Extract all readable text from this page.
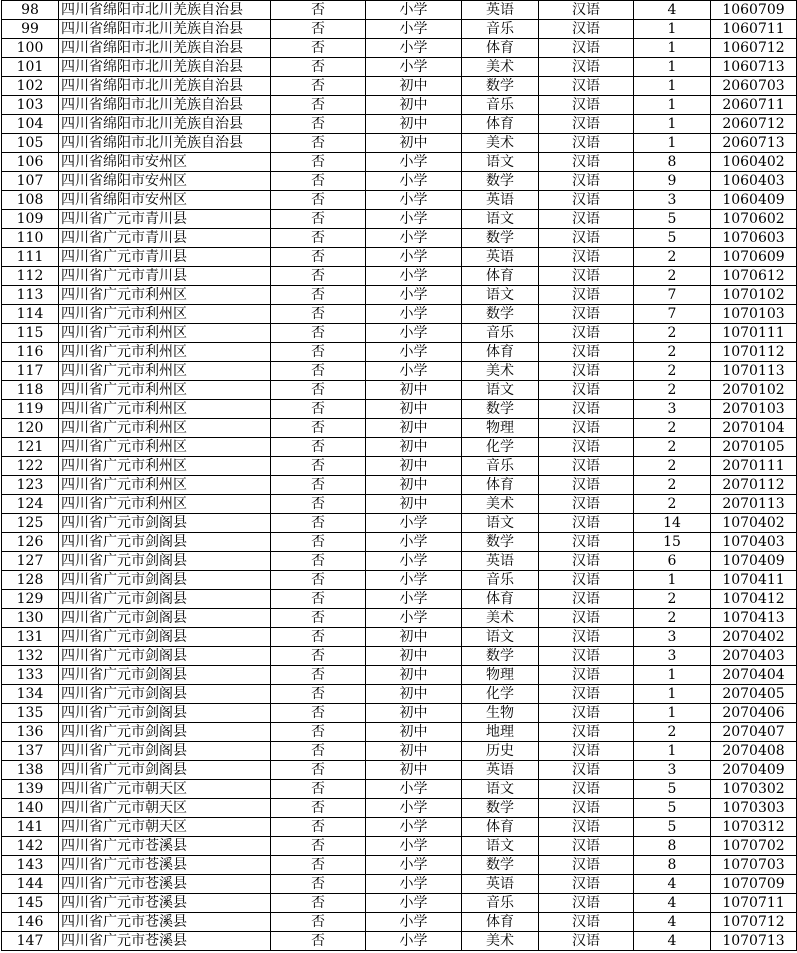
98	四川省绵阳市北川羌族自治县	否	小学	英语	汉语	4	1060709
99	四川省绵阳市北川羌族自治县	否	小学	音乐	汉语	1	1060711
100	四川省绵阳市北川羌族自治县	否	小学	体育	汉语	1	1060712
101	四川省绵阳市北川羌族自治县	否	小学	美术	汉语	1	1060713
102	四川省绵阳市北川羌族自治县	否	初中	数学	汉语	1	2060703
103	四川省绵阳市北川羌族自治县	否	初中	音乐	汉语	1	2060711
104	四川省绵阳市北川羌族自治县	否	初中	体育	汉语	1	2060712
105	四川省绵阳市北川羌族自治县	否	初中	美术	汉语	1	2060713
106	四川省绵阳市安州区	否	小学	语文	汉语	8	1060402
107	四川省绵阳市安州区	否	小学	数学	汉语	9	1060403
108	四川省绵阳市安州区	否	小学	英语	汉语	3	1060409
109	四川省广元市青川县	否	小学	语文	汉语	5	1070602
110	四川省广元市青川县	否	小学	数学	汉语	5	1070603
111	四川省广元市青川县	否	小学	英语	汉语	2	1070609
112	四川省广元市青川县	否	小学	体育	汉语	2	1070612
113	四川省广元市利州区	否	小学	语文	汉语	7	1070102
114	四川省广元市利州区	否	小学	数学	汉语	7	1070103
115	四川省广元市利州区	否	小学	音乐	汉语	2	1070111
116	四川省广元市利州区	否	小学	体育	汉语	2	1070112
117	四川省广元市利州区	否	小学	美术	汉语	2	1070113
118	四川省广元市利州区	否	初中	语文	汉语	2	2070102
119	四川省广元市利州区	否	初中	数学	汉语	3	2070103
120	四川省广元市利州区	否	初中	物理	汉语	2	2070104
121	四川省广元市利州区	否	初中	化学	汉语	2	2070105
122	四川省广元市利州区	否	初中	音乐	汉语	2	2070111
123	四川省广元市利州区	否	初中	体育	汉语	2	2070112
124	四川省广元市利州区	否	初中	美术	汉语	2	2070113
125	四川省广元市剑阁县	否	小学	语文	汉语	14	1070402
126	四川省广元市剑阁县	否	小学	数学	汉语	15	1070403
127	四川省广元市剑阁县	否	小学	英语	汉语	6	1070409
128	四川省广元市剑阁县	否	小学	音乐	汉语	1	1070411
129	四川省广元市剑阁县	否	小学	体育	汉语	2	1070412
130	四川省广元市剑阁县	否	小学	美术	汉语	2	1070413
131	四川省广元市剑阁县	否	初中	语文	汉语	3	2070402
132	四川省广元市剑阁县	否	初中	数学	汉语	3	2070403
133	四川省广元市剑阁县	否	初中	物理	汉语	1	2070404
134	四川省广元市剑阁县	否	初中	化学	汉语	1	2070405
135	四川省广元市剑阁县	否	初中	生物	汉语	1	2070406
136	四川省广元市剑阁县	否	初中	地理	汉语	2	2070407
137	四川省广元市剑阁县	否	初中	历史	汉语	1	2070408
138	四川省广元市剑阁县	否	初中	英语	汉语	3	2070409
139	四川省广元市朝天区	否	小学	语文	汉语	5	1070302
140	四川省广元市朝天区	否	小学	数学	汉语	5	1070303
141	四川省广元市朝天区	否	小学	体育	汉语	5	1070312
142	四川省广元市苍溪县	否	小学	语文	汉语	8	1070702
143	四川省广元市苍溪县	否	小学	数学	汉语	8	1070703
144	四川省广元市苍溪县	否	小学	英语	汉语	4	1070709
145	四川省广元市苍溪县	否	小学	音乐	汉语	4	1070711
146	四川省广元市苍溪县	否	小学	体育	汉语	4	1070712
147	四川省广元市苍溪县	否	小学	美术	汉语	4	1070713
